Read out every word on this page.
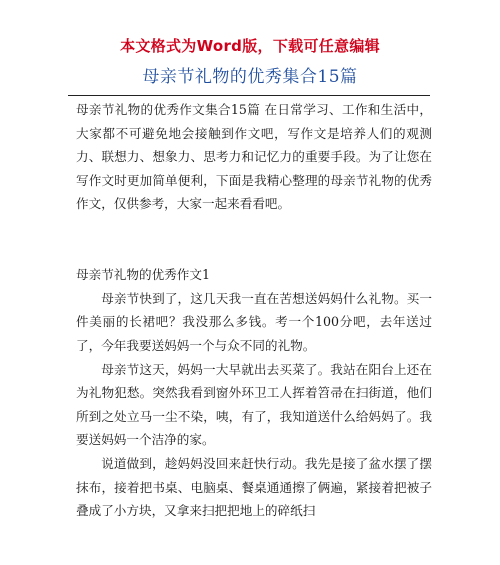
本文格式为Word版，下载可任意编辑
母亲节礼物的优秀集合15篇

母亲节礼物的优秀作文集合15篇 在日常学习、工作和生活中，大家都不可避免地会接触到作文吧，写作文是培养人们的观测力、联想力、想象力、思考力和记忆力的重要手段。为了让您在写作文时更加简单便利，下面是我精心整理的母亲节礼物的优秀作文，仅供参考，大家一起来看看吧。

母亲节礼物的优秀作文1

母亲节快到了，这几天我一直在苦想送妈妈什么礼物。买一件美丽的长裙吧？我没那么多钱。考一个100分吧，去年送过了，今年我要送妈妈一个与众不同的礼物。

母亲节这天，妈妈一大早就出去买菜了。我站在阳台上还在为礼物犯愁。突然我看到窗外环卫工人挥着笤帚在扫街道，他们所到之处立马一尘不染，咦，有了，我知道送什么给妈妈了。我要送妈妈一个洁净的家。

说道做到，趁妈妈没回来赶快行动。我先是接了盆水摆了摆抹布，接着把书桌、电脑桌、餐桌通通擦了俩遍，紧接着把被子叠成了小方块，又拿来扫把把地上的碎纸扫
